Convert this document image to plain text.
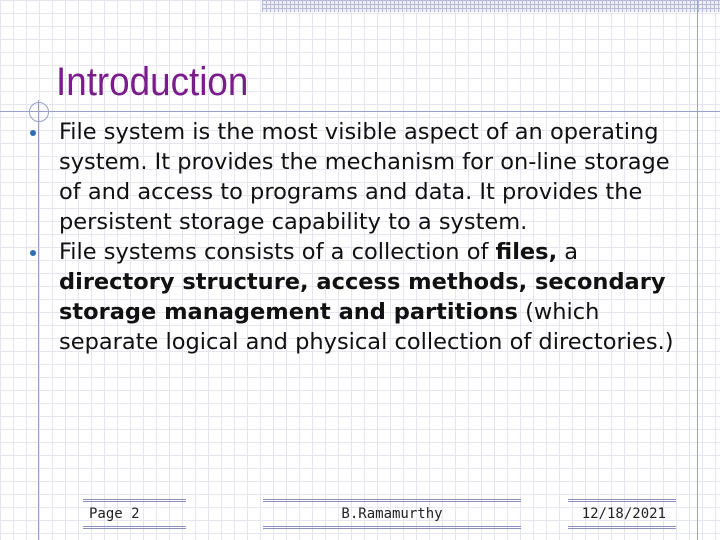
Introduction
File system is the most visible aspect of an operating system. It provides the mechanism for on-line storage of and access to programs and data. It provides the persistent storage capability to a system.
File systems consists of a collection of files, a directory structure, access methods, secondary storage management and partitions (which separate logical and physical collection of directories.)
Page 2	B.Ramamurthy	12/18/2021
